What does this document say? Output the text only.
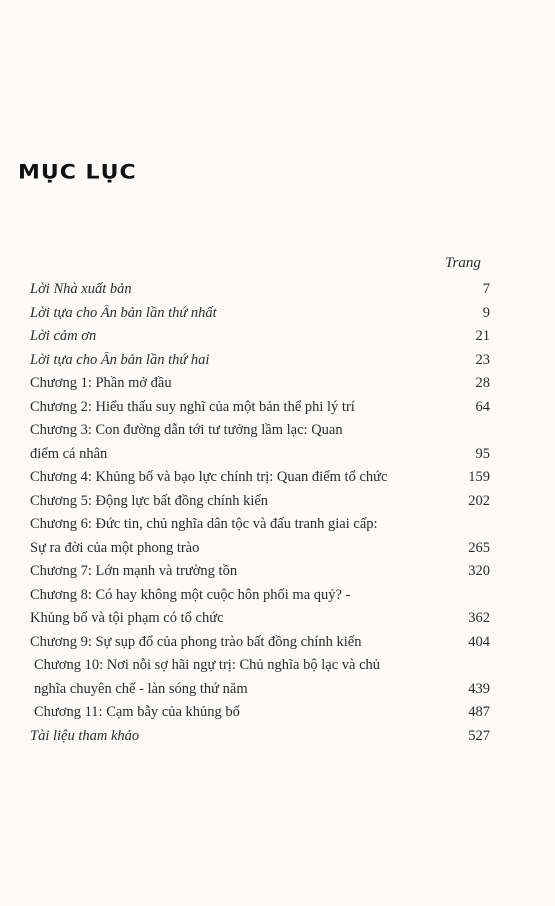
MỤC LỤC
Trang
Lời Nhà xuất bản	7
Lời tựa cho Ấn bản lần thứ nhất	9
Lời cảm ơn	21
Lời tựa cho Ấn bản lần thứ hai	23
Chương 1: Phần mở đầu	28
Chương 2: Hiểu thấu suy nghĩ của một bản thể phi lý trí	64
Chương 3: Con đường dẫn tới tư tưởng lầm lạc: Quan
điểm cá nhân	95
Chương 4: Khủng bố và bạo lực chính trị: Quan điểm tổ chức	159
Chương 5: Động lực bất đồng chính kiến	202
Chương 6: Đức tin, chủ nghĩa dân tộc và đấu tranh giai cấp:
Sự ra đời của một phong trào	265
Chương 7: Lớn mạnh và trường tồn	320
Chương 8: Có hay không một cuộc hôn phối ma quỷ? -
Khủng bố và tội phạm có tổ chức	362
Chương 9: Sự sụp đổ của phong trào bất đồng chính kiến	404
Chương 10: Nơi nỗi sợ hãi ngự trị: Chủ nghĩa bộ lạc và chủ
nghĩa chuyên chế - làn sóng thứ năm	439
Chương 11: Cạm bẫy của khủng bố	487
Tài liệu tham khảo	527
